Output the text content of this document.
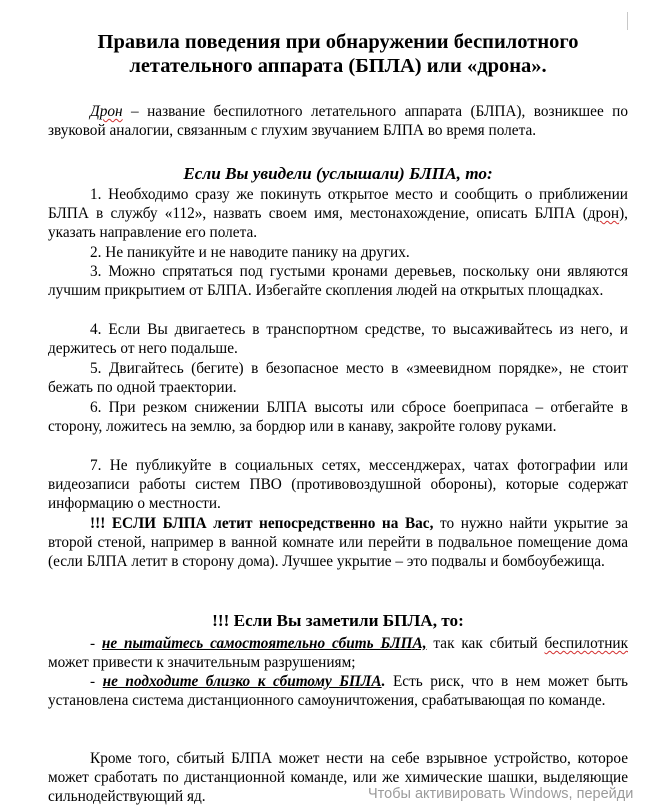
Правила поведения при обнаружении беспилотного
летательного аппарата (БПЛА) или «дрона».
Дрон – название беспилотного летательного аппарата (БЛПА), возникшее по звуковой аналогии, связанным с глухим звучанием БЛПА во время полета.
Если Вы увидели (услышали) БЛПА, то:
1. Необходимо сразу же покинуть открытое место и сообщить о приближении БЛПА в службу «112», назвать своем имя, местонахождение, описать БЛПА (дрон), указать направление его полета.
2. Не паникуйте и не наводите панику на других.
3. Можно спрятаться под густыми кронами деревьев, поскольку они являются лучшим прикрытием от БЛПА. Избегайте скопления людей на открытых площадках.
4. Если Вы двигаетесь в транспортном средстве, то высаживайтесь из него, и держитесь от него подальше.
5. Двигайтесь (бегите) в безопасное место в «змеевидном порядке», не стоит бежать по одной траектории.
6. При резком снижении БЛПА высоты или сбросе боеприпаса – отбегайте в сторону, ложитесь на землю, за бордюр или в канаву, закройте голову руками.
7. Не публикуйте в социальных сетях, мессенджерах, чатах фотографии или видеозаписи работы систем ПВО (противовоздушной обороны), которые содержат информацию о местности.
!!! ЕСЛИ БЛПА летит непосредственно на Вас, то нужно найти укрытие за второй стеной, например в ванной комнате или перейти в подвальное помещение дома (если БЛПА летит в сторону дома). Лучшее укрытие – это подвалы и бомбоубежища.
!!! Если Вы заметили БПЛА, то:
- не пытайтесь самостоятельно сбить БЛПА, так как сбитый беспилотник может привести к значительным разрушениям;
- не подходите близко к сбитому БПЛА. Есть риск, что в нем может быть установлена система дистанционного самоуничтожения, срабатывающая по команде.
Кроме того, сбитый БЛПА может нести на себе взрывное устройство, которое может сработать по дистанционной команде, или же химические шашки, выделяющие сильнодействующий яд.	Чтобы активировать Windows, перейди
